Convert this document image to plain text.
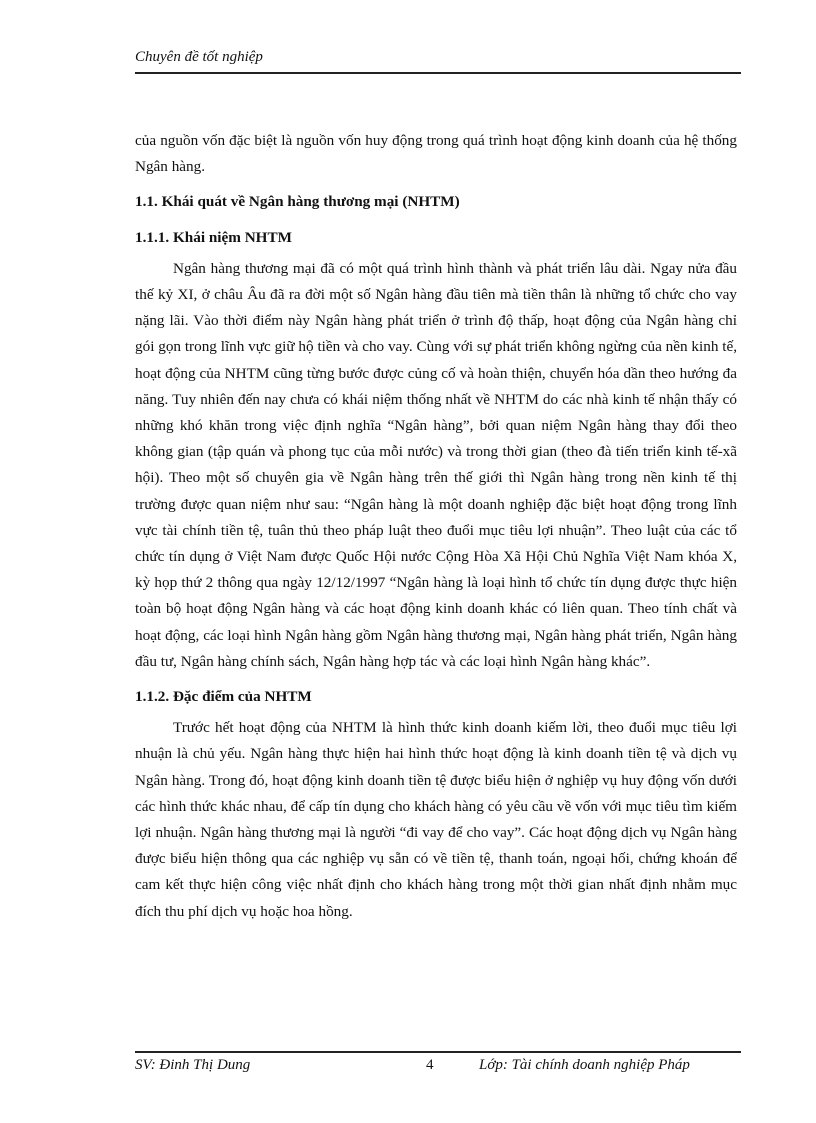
Chuyên đề tốt nghiệp

của nguồn vốn đặc biệt là nguồn vốn huy động trong quá trình hoạt động kinh doanh của hệ thống Ngân hàng.

1.1. Khái quát về Ngân hàng thương mại (NHTM)
1.1.1. Khái niệm NHTM

Ngân hàng thương mại đã có một quá trình hình thành và phát triển lâu dài. Ngay nửa đầu thế kỷ XI, ở châu Âu đã ra đời một số Ngân hàng đầu tiên mà tiền thân là những tổ chức cho vay nặng lãi. Vào thời điểm này Ngân hàng phát triển ở trình độ thấp, hoạt động của Ngân hàng chỉ gói gọn trong lĩnh vực giữ hộ tiền và cho vay. Cùng với sự phát triển không ngừng của nền kinh tế, hoạt động của NHTM cũng từng bước được củng cố và hoàn thiện, chuyển hóa dần theo hướng đa năng. Tuy nhiên đến nay chưa có khái niệm thống nhất về NHTM do các nhà kinh tế nhận thấy có những khó khăn trong việc định nghĩa “Ngân hàng”, bởi quan niệm Ngân hàng thay đổi theo không gian (tập quán và phong tục của mỗi nước) và trong thời gian (theo đà tiến triển kinh tế-xã hội). Theo một số chuyên gia về Ngân hàng trên thế giới thì Ngân hàng trong nền kinh tế thị trường được quan niệm như sau: “Ngân hàng là một doanh nghiệp đặc biệt hoạt động trong lĩnh vực tài chính tiền tệ, tuân thủ theo pháp luật theo đuổi mục tiêu lợi nhuận”. Theo luật của các tổ chức tín dụng ở Việt Nam được Quốc Hội nước Cộng Hòa Xã Hội Chủ Nghĩa Việt Nam khóa X, kỳ họp thứ 2 thông qua ngày 12/12/1997 “Ngân hàng là loại hình tổ chức tín dụng được thực hiện toàn bộ hoạt động Ngân hàng và các hoạt động kinh doanh khác có liên quan. Theo tính chất và hoạt động, các loại hình Ngân hàng gồm Ngân hàng thương mại, Ngân hàng phát triển, Ngân hàng đầu tư, Ngân hàng chính sách, Ngân hàng hợp tác và các loại hình Ngân hàng khác”.

1.1.2. Đặc điểm của NHTM

Trước hết hoạt động của NHTM là hình thức kinh doanh kiếm lời, theo đuổi mục tiêu lợi nhuận là chủ yếu. Ngân hàng thực hiện hai hình thức hoạt động là kinh doanh tiền tệ và dịch vụ Ngân hàng. Trong đó, hoạt động kinh doanh tiền tệ được biểu hiện ở nghiệp vụ huy động vốn dưới các hình thức khác nhau, để cấp tín dụng cho khách hàng có yêu cầu về vốn với mục tiêu tìm kiếm lợi nhuận. Ngân hàng thương mại là người “đi vay để cho vay”. Các hoạt động dịch vụ Ngân hàng được biểu hiện thông qua các nghiệp vụ sẵn có về tiền tệ, thanh toán, ngoại hối, chứng khoán để cam kết thực hiện công việc nhất định cho khách hàng trong một thời gian nhất định nhằm mục đích thu phí dịch vụ hoặc hoa hồng.

SV: Đinh Thị Dung	4	Lớp: Tài chính doanh nghiệp Pháp
